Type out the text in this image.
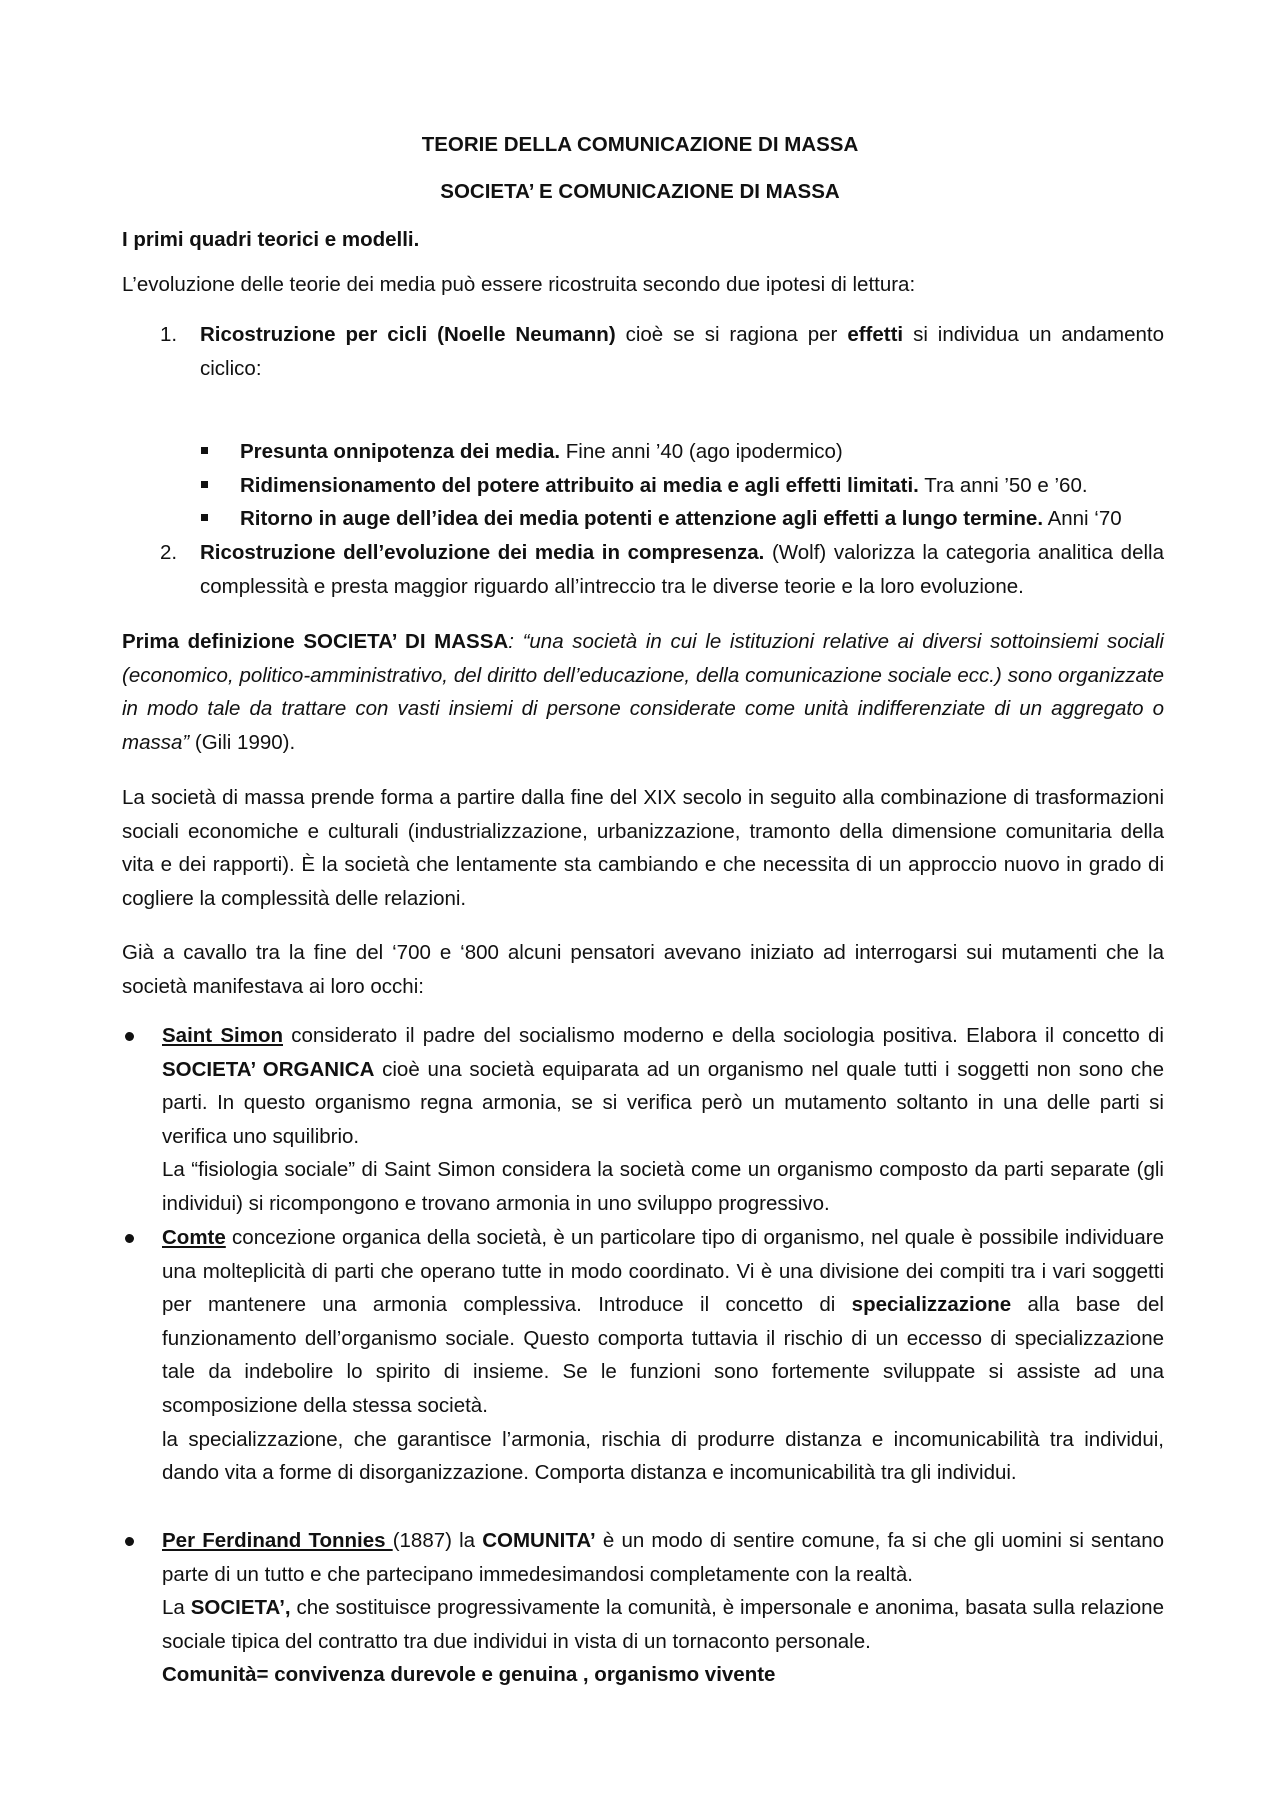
TEORIE DELLA COMUNICAZIONE DI MASSA
SOCIETA’ E COMUNICAZIONE DI MASSA
I primi quadri teorici e modelli.

L’evoluzione delle teorie dei media può essere ricostruita secondo due ipotesi di lettura:

1. Ricostruzione per cicli (Noelle Neumann) cioè se si ragiona per effetti si individua un andamento ciclico:

Presunta onnipotenza dei media. Fine anni ’40 (ago ipodermico)
Ridimensionamento del potere attribuito ai media e agli effetti limitati. Tra anni ’50 e ’60.
Ritorno in auge dell’idea dei media potenti e attenzione agli effetti a lungo termine. Anni ‘70
2. Ricostruzione dell’evoluzione dei media in compresenza. (Wolf) valorizza la categoria analitica della complessità e presta maggior riguardo all’intreccio tra le diverse teorie e la loro evoluzione.

Prima definizione SOCIETA’ DI MASSA: “una società in cui le istituzioni relative ai diversi sottoinsiemi sociali (economico, politico-amministrativo, del diritto dell’educazione, della comunicazione sociale ecc.) sono organizzate in modo tale da trattare con vasti insiemi di persone considerate come unità indifferenziate di un aggregato o massa” (Gili 1990).

La società di massa prende forma a partire dalla fine del XIX secolo in seguito alla combinazione di trasformazioni sociali economiche e culturali (industrializzazione, urbanizzazione, tramonto della dimensione comunitaria della vita e dei rapporti). È la società che lentamente sta cambiando e che necessita di un approccio nuovo in grado di cogliere la complessità delle relazioni.

Già a cavallo tra la fine del ‘700 e ‘800 alcuni pensatori avevano iniziato ad interrogarsi sui mutamenti che la società manifestava ai loro occhi:

Saint Simon considerato il padre del socialismo moderno e della sociologia positiva. Elabora il concetto di SOCIETA’ ORGANICA cioè una società equiparata ad un organismo nel quale tutti i soggetti non sono che parti. In questo organismo regna armonia, se si verifica però un mutamento soltanto in una delle parti si verifica uno squilibrio.

La “fisiologia sociale” di Saint Simon considera la società come un organismo composto da parti separate (gli individui) si ricompongono e trovano armonia in uno sviluppo progressivo.

Comte concezione organica della società, è un particolare tipo di organismo, nel quale è possibile individuare una molteplicità di parti che operano tutte in modo coordinato. Vi è una divisione dei compiti tra i vari soggetti per mantenere una armonia complessiva. Introduce il concetto di specializzazione alla base del funzionamento dell’organismo sociale. Questo comporta tuttavia il rischio di un eccesso di specializzazione tale da indebolire lo spirito di insieme. Se le funzioni sono fortemente sviluppate si assiste ad una scomposizione della stessa società.

la specializzazione, che garantisce l’armonia, rischia di produrre distanza e incomunicabilità tra individui, dando vita a forme di disorganizzazione. Comporta distanza e incomunicabilità tra gli individui.

Per Ferdinand Tonnies (1887) la COMUNITA’ è un modo di sentire comune, fa si che gli uomini si sentano parte di un tutto e che partecipano immedesimandosi completamente con la realtà.

La SOCIETA’, che sostituisce progressivamente la comunità, è impersonale e anonima, basata sulla relazione sociale tipica del contratto tra due individui in vista di un tornaconto personale.

Comunità= convivenza durevole e genuina , organismo vivente
